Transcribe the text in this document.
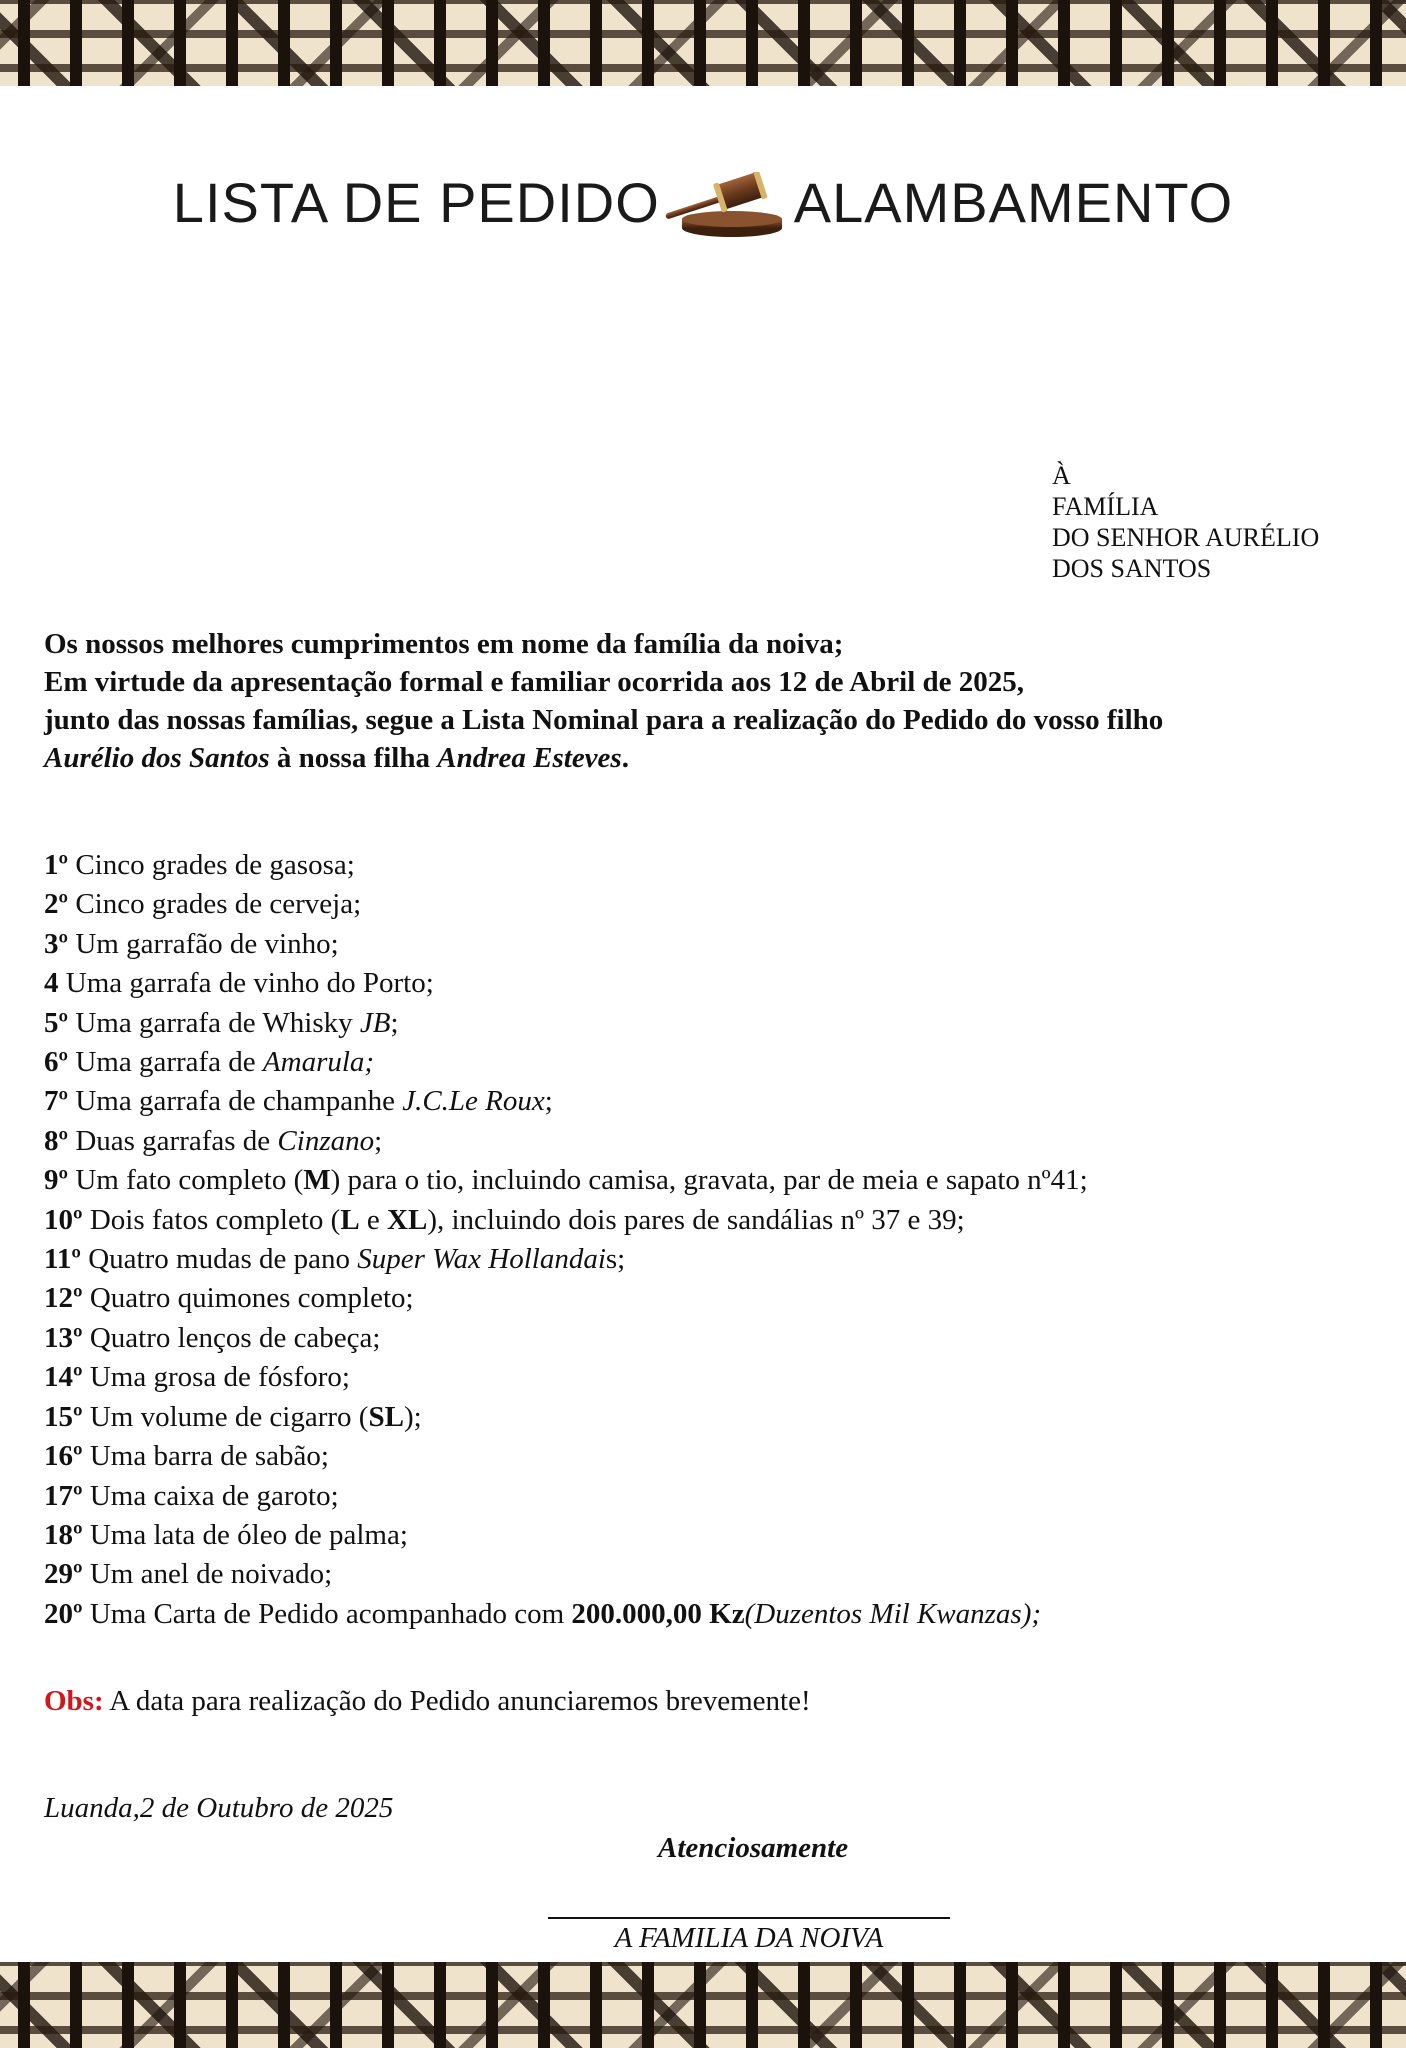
LISTA DE PEDIDO ALAMBAMENTO
À
FAMÍLIA
DO SENHOR AURÉLIO
DOS SANTOS

Os nossos melhores cumprimentos em nome da família da noiva;

Em virtude da apresentação formal e familiar ocorrida aos 12 de Abril de 2025,

junto das nossas famílias, segue a Lista Nominal para a realização do Pedido do vosso filho

Aurélio dos Santos à nossa filha Andrea Esteves.

1º Cinco grades de gasosa;
2º Cinco grades de cerveja;
3º Um garrafão de vinho;
4 Uma garrafa de vinho do Porto;
5º Uma garrafa de Whisky JB;
6º Uma garrafa de Amarula;
7º Uma garrafa de champanhe J.C.Le Roux;
8º Duas garrafas de Cinzano;
9º Um fato completo (M) para o tio, incluindo camisa, gravata, par de meia e sapato nº41;
10º Dois fatos completo (L e XL), incluindo dois pares de sandálias nº 37 e 39;
11º Quatro mudas de pano Super Wax Hollandais;
12º Quatro quimones completo;
13º Quatro lenços de cabeça;
14º Uma grosa de fósforo;
15º Um volume de cigarro (SL);
16º Uma barra de sabão;
17º Uma caixa de garoto;
18º Uma lata de óleo de palma;
29º Um anel de noivado;
20º Uma Carta de Pedido acompanhado com 200.000,00 Kz(Duzentos Mil Kwanzas);
Obs: A data para realização do Pedido anunciaremos brevemente!
Luanda,2 de Outubro de 2025
Atenciosamente
A FAMILIA DA NOIVA
